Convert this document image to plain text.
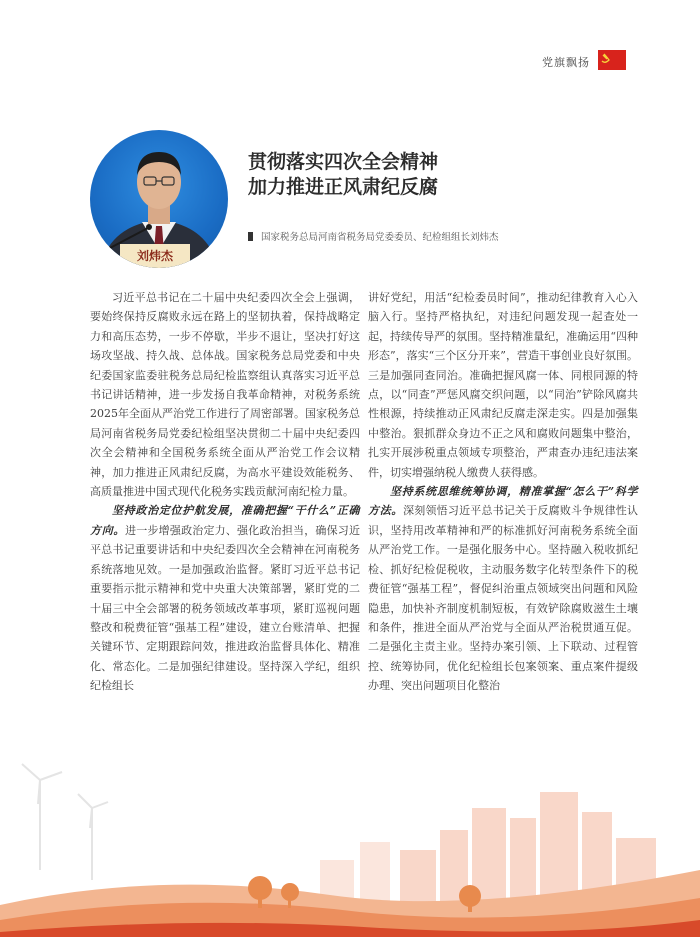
党旗飘扬
刘炜杰
贯彻落实四次全会精神
加力推进正风肃纪反腐
国家税务总局河南省税务局党委委员、纪检组组长刘炜杰

习近平总书记在二十届中央纪委四次全会上强调，要始终保持反腐败永远在路上的坚韧执着，保持战略定力和高压态势，一步不停歇，半步不退让，坚决打好这场攻坚战、持久战、总体战。国家税务总局党委和中央纪委国家监委驻税务总局纪检监察组认真落实习近平总书记讲话精神，进一步发扬自我革命精神，对税务系统2025年全面从严治党工作进行了周密部署。国家税务总局河南省税务局党委纪检组坚决贯彻二十届中央纪委四次全会精神和全国税务系统全面从严治党工作会议精神，加力推进正风肃纪反腐，为高水平建设效能税务、高质量推进中国式现代化税务实践贡献河南纪检力量。

坚持政治定位护航发展，准确把握“干什么”正确方向。进一步增强政治定力、强化政治担当，确保习近平总书记重要讲话和中央纪委四次全会精神在河南税务系统落地见效。一是加强政治监督。紧盯习近平总书记重要指示批示精神和党中央重大决策部署，紧盯党的二十届三中全会部署的税务领域改革事项，紧盯巡视问题整改和税费征管“强基工程”建设，建立台账清单、把握关键环节、定期跟踪问效，推进政治监督具体化、精准化、常态化。二是加强纪律建设。坚持深入学纪，组织纪检组长

讲好党纪，用活“纪检委员时间”，推动纪律教育入心入脑入行。坚持严格执纪，对违纪问题发现一起查处一起，持续传导严的氛围。坚持精准量纪，准确运用“四种形态”，落实“三个区分开来”，营造干事创业良好氛围。三是加强同查同治。准确把握风腐一体、同根同源的特点，以“同查”严惩风腐交织问题，以“同治”铲除风腐共性根源，持续推动正风肃纪反腐走深走实。四是加强集中整治。狠抓群众身边不正之风和腐败问题集中整治，扎实开展涉税重点领域专项整治，严肃查办违纪违法案件，切实增强纳税人缴费人获得感。

坚持系统思维统筹协调，精准掌握“怎么干”科学方法。深刻领悟习近平总书记关于反腐败斗争规律性认识，坚持用改革精神和严的标准抓好河南税务系统全面从严治党工作。一是强化服务中心。坚持融入税收抓纪检、抓好纪检促税收，主动服务数字化转型条件下的税费征管“强基工程”，督促纠治重点领域突出问题和风险隐患，加快补齐制度机制短板，有效铲除腐败滋生土壤和条件，推进全面从严治党与全面从严治税贯通互促。二是强化主责主业。坚持办案引领、上下联动、过程管控、统筹协同，优化纪检组长包案领案、重点案件提级办理、突出问题项目化整治
